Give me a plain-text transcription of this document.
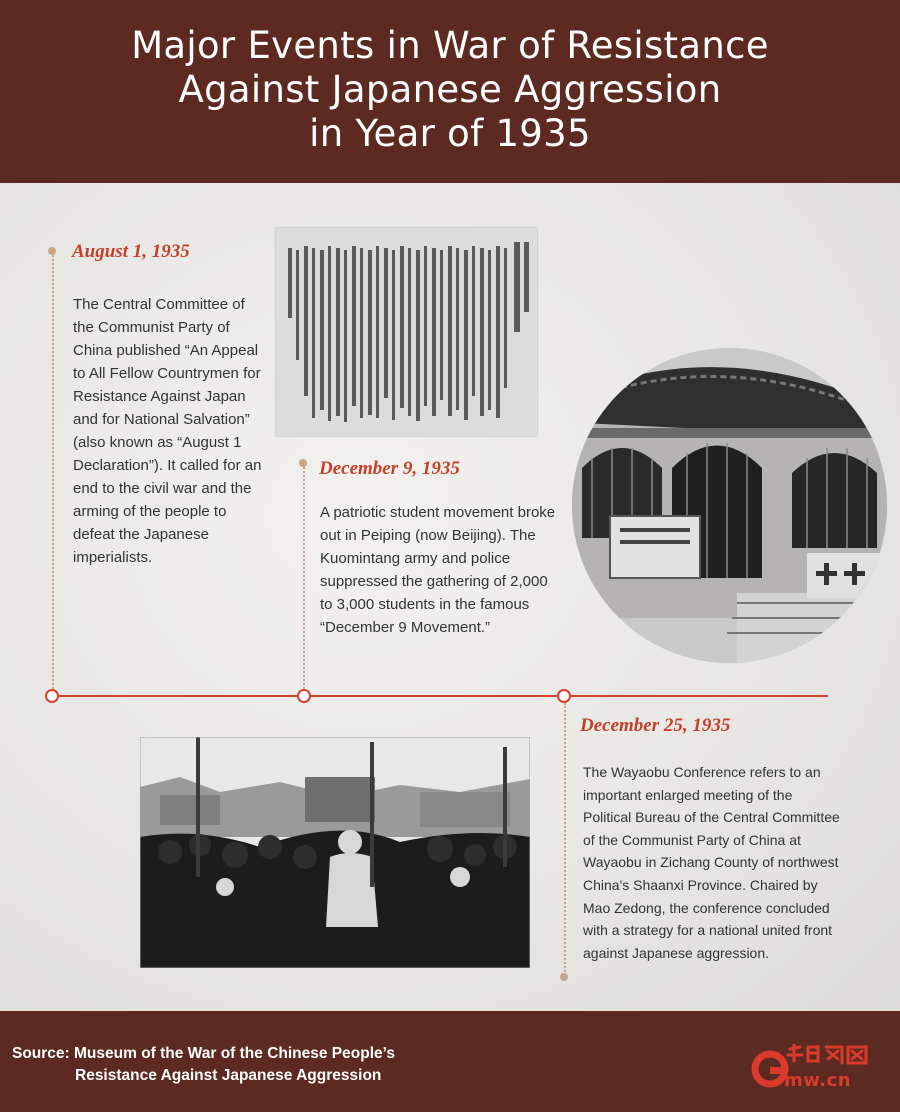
Major Events in War of Resistance
Against Japanese Aggression
in Year of 1935
August 1, 1935

The Central Committee of the Communist Party of China published “An Appeal to All Fellow Countrymen for Resistance Against Japan and for National Salvation” (also known as “August 1 Declaration”). It called for an end to the civil war and the arming of the people to defeat the Japanese imperialists.

December 9, 1935

A patriotic student movement broke out in Peiping (now Beijing). The Kuomintang army and police suppressed the gathering of 2,000 to 3,000 students in the famous “December 9 Movement.”

December 25, 1935

The Wayaobu Conference refers to an important enlarged meeting of the Political Bureau of the Central Committee of the Communist Party of China at Wayaobu in Zichang County of northwest China's Shaanxi Province. Chaired by Mao Zedong, the conference concluded with a strategy for a national united front against Japanese aggression.

Source: Museum of the War of the Chinese People’s
Resistance Against Japanese Aggression	mw.cn
